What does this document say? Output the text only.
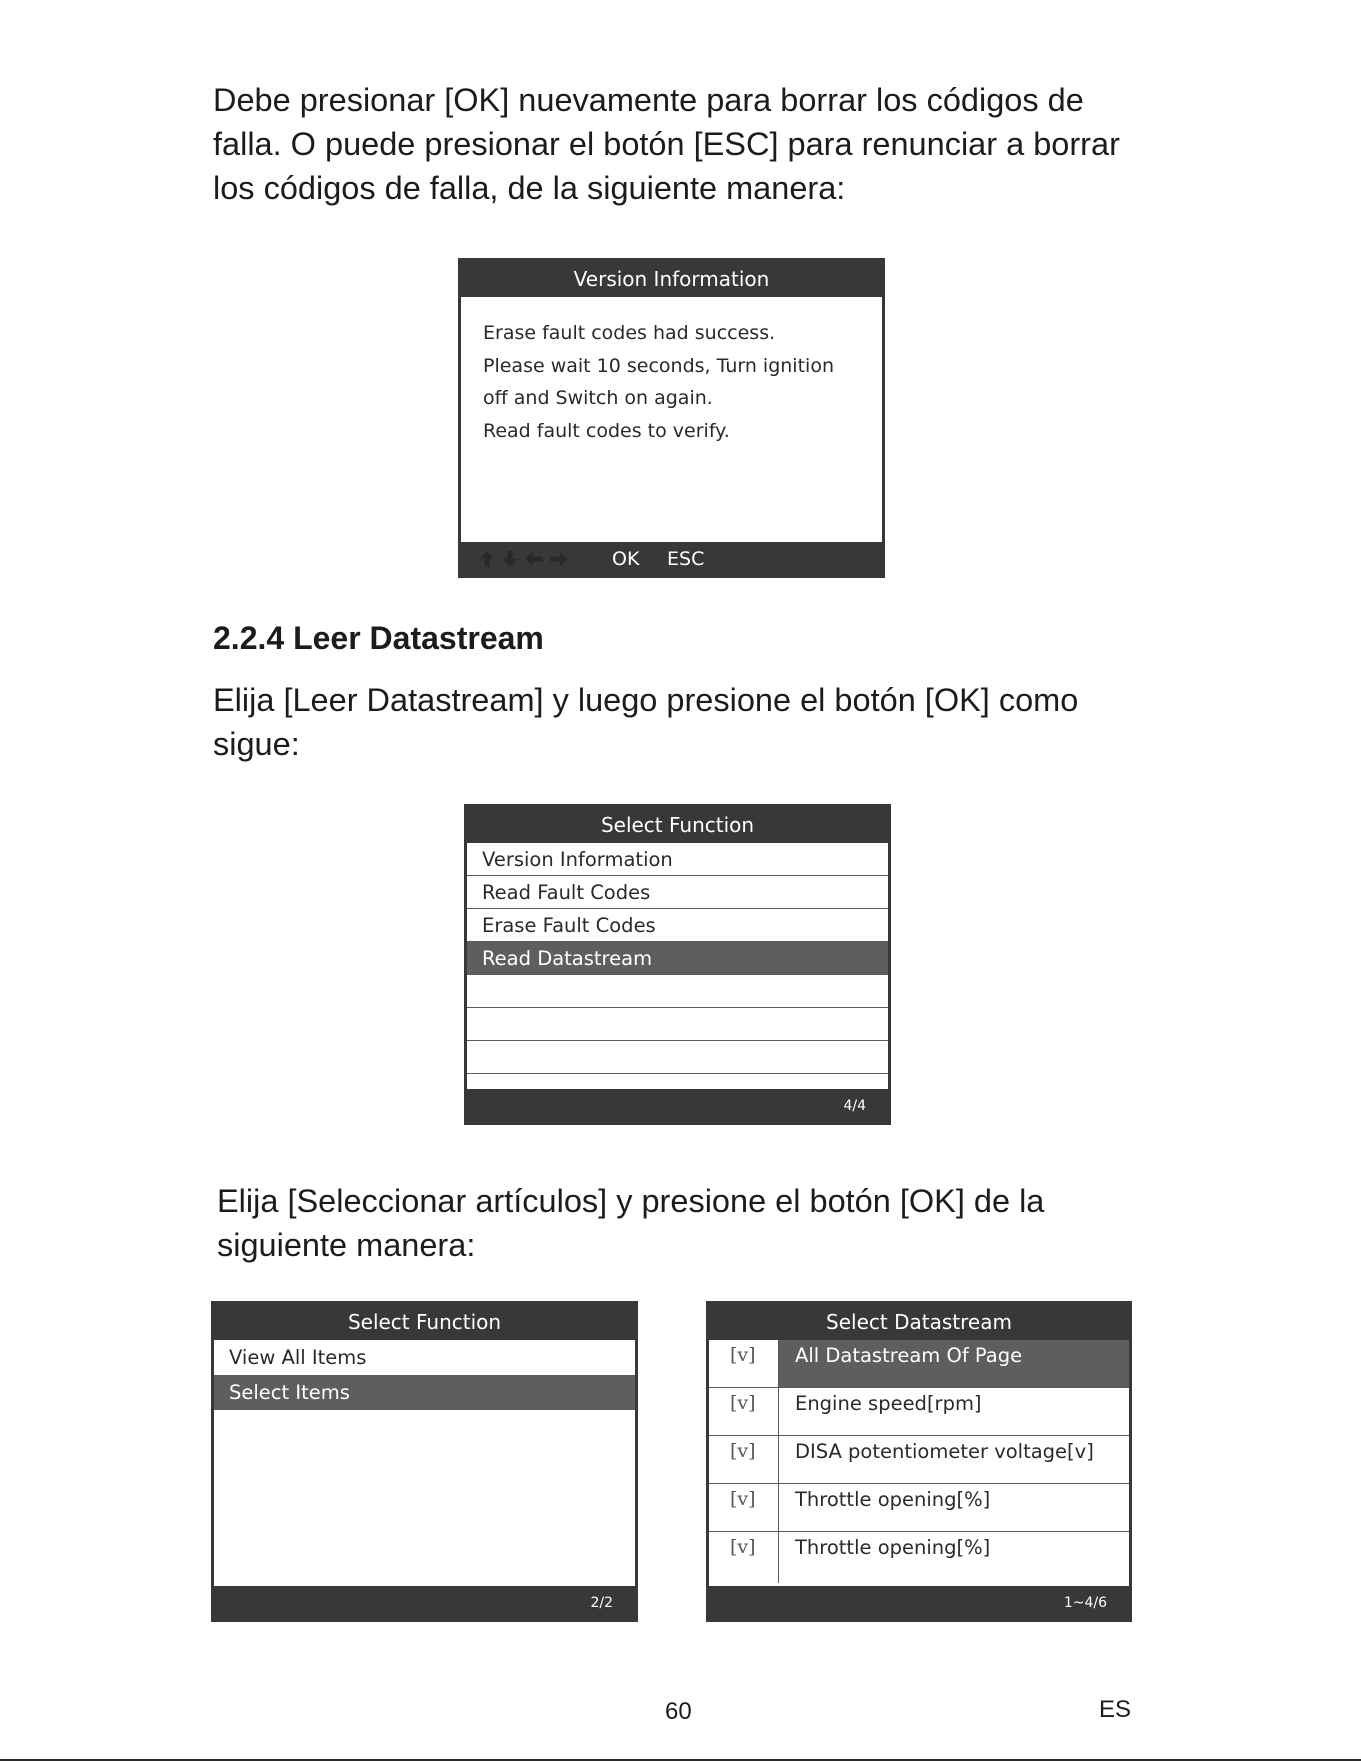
Debe presionar [OK] nuevamente para borrar los códigos de

falla. O puede presionar el botón [ESC] para renunciar a borrar

los códigos de falla, de la siguiente manera:

Version Information
Erase fault codes had success.
Please wait 10 seconds, Turn ignition
off and Switch on again.
Read fault codes to verify.
OK ESC
2.2.4 Leer Datastream

Elija [Leer Datastream] y luego presione el botón [OK] como

sigue:

Select Function
Version Information
Read Fault Codes
Erase Fault Codes
Read Datastream
4/4

Elija [Seleccionar artículos] y presione el botón [OK] de la

siguiente manera:

Select Function
View All Items
Select Items
2/2
Select Datastream
[v]	All Datastream Of Page
[v]	Engine speed[rpm]
[v]	DISA potentiometer voltage[v]
[v]	Throttle opening[%]
[v]	Throttle opening[%]
1~4/6
60	ES
